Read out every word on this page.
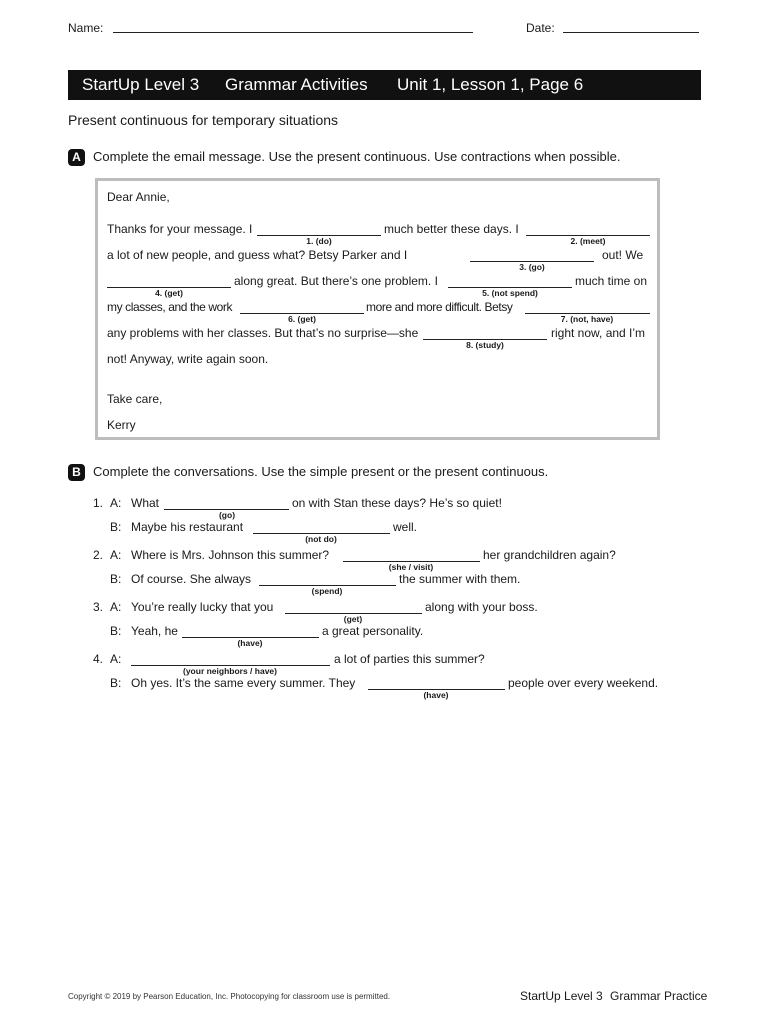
Name:	Date:
StartUp Level 3 Grammar Activities Unit 1, Lesson 1, Page 6
Present continuous for temporary situations
A Complete the email message. Use the present continuous. Use contractions when possible.
Dear Annie,
Thanks for your message. I
1. (do)
much better these days. I
2. (meet)
a lot of new people, and guess what? Betsy Parker and I
3. (go)
out! We
4. (get)
along great. But there’s one problem. I
5. (not spend)
much time on
my classes, and the work
6. (get)
more and more difficult. Betsy
7. (not, have)
any problems with her classes. But that’s no surprise—she
8. (study)
right now, and I’m
not! Anyway, write again soon.
Take care,
Kerry
B Complete the conversations. Use the simple present or the present continuous.
1. A: What
(go)
on with Stan these days? He’s so quiet!
B: Maybe his restaurant
(not do)
well.
2. A: Where is Mrs. Johnson this summer?
(she / visit)
her grandchildren again?
B: Of course. She always
(spend)
the summer with them.
3. A: You’re really lucky that you
(get)
along with your boss.
B: Yeah, he
(have)
a great personality.
4. A:
(your neighbors / have)
a lot of parties this summer?
B: Oh yes. It’s the same every summer. They
(have)
people over every weekend.
Copyright © 2019 by Pearson Education, Inc. Photocopying for classroom use is permitted.	StartUp Level 3 Grammar Practice
